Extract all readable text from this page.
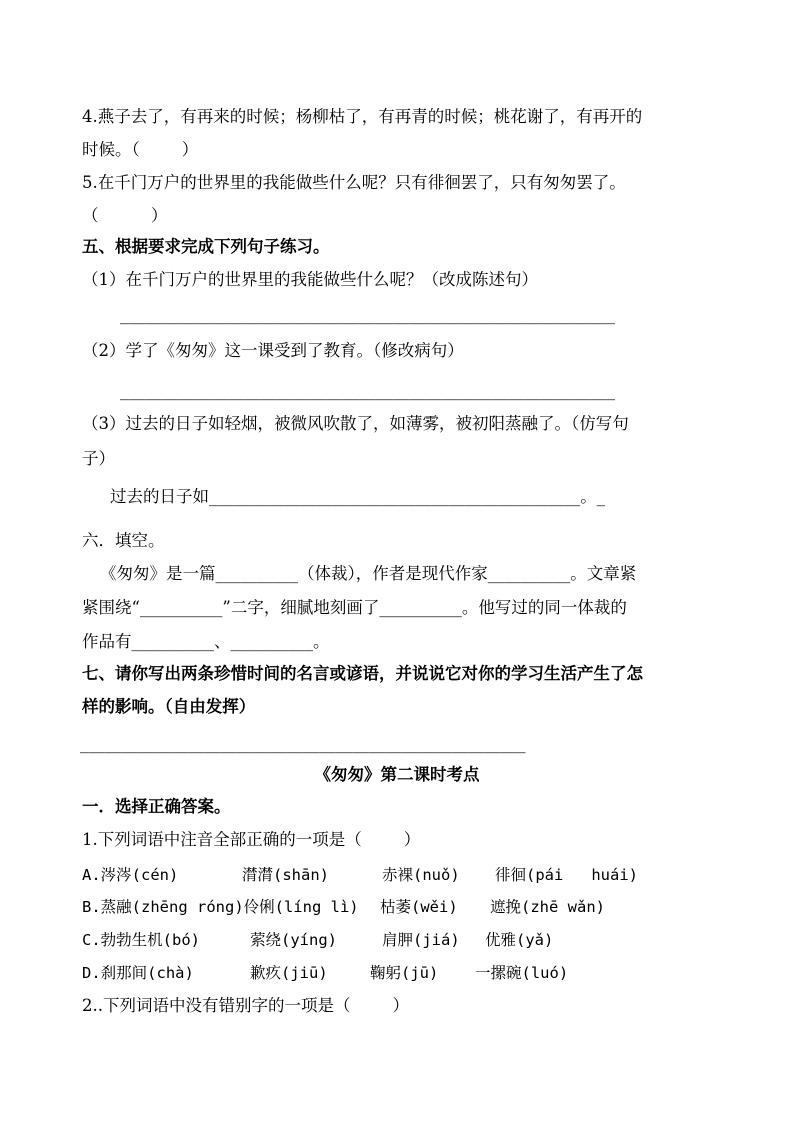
4.燕子去了，有再来的时候；杨柳枯了，有再青的时候；桃花谢了，有再开的
时候。（        ）
5.在千门万户的世界里的我能做些什么呢？只有徘徊罢了，只有匆匆罢了。
（          ）
五、根据要求完成下列句子练习。
（1）在千门万户的世界里的我能做些什么呢？（改成陈述句）
____________________________________________________________
（2）学了《匆匆》这一课受到了教育。（修改病句）
____________________________________________________________
（3）过去的日子如轻烟，被微风吹散了，如薄雾，被初阳蒸融了。（仿写句
子）
过去的日子如_____________________________________________。_
六．填空。
《匆匆》是一篇__________（体裁），作者是现代作家__________。文章紧
紧围绕“__________”二字，细腻地刻画了__________。他写过的同一体裁的
作品有__________、__________。
七、请你写出两条珍惜时间的名言或谚语，并说说它对你的学习生活产生了怎
样的影响。（自由发挥）
______________________________________________________
《匆匆》第二课时考点
一．选择正确答案。
1.下列词语中注音全部正确的一项是（        ）
A.涔涔(cén)	潸潸(shān)	赤裸(nuǒ) 徘徊(pái   huái)
B.蒸融(zhēng róng)伶俐(líng lì) 枯萎(wěi) 遮挽(zhē wǎn)
C.勃勃生机(bó)	萦绕(yíng)	肩胛(jiá) 优雅(yǎ)
D.刹那间(chà)	歉疚(jiū)	鞠躬(jū) 一摞碗(luó)
2..下列词语中没有错别字的一项是（        ）
